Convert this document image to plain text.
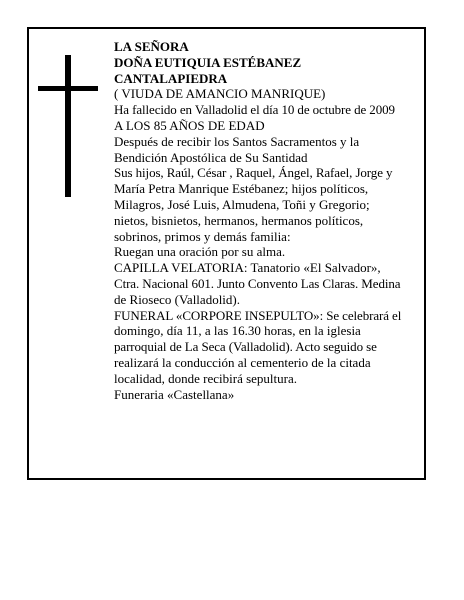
LA SEÑORA
DOÑA EUTIQUIA ESTÉBANEZ
CANTALAPIEDRA
( VIUDA DE AMANCIO MANRIQUE)
Ha fallecido en Valladolid el día 10 de octubre de 2009
A LOS 85 AÑOS DE EDAD
Después de recibir los Santos Sacramentos y la
Bendición Apostólica de Su Santidad
Sus hijos, Raúl, César , Raquel, Ángel, Rafael, Jorge y
María Petra Manrique Estébanez; hijos políticos,
Milagros, José Luis, Almudena, Toñi y Gregorio;
nietos, bisnietos, hermanos, hermanos políticos,
sobrinos, primos y demás familia:
Ruegan una oración por su alma.
CAPILLA VELATORIA: Tanatorio «El Salvador»,
Ctra. Nacional 601. Junto Convento Las Claras. Medina
de Rioseco (Valladolid).
FUNERAL «CORPORE INSEPULTO»: Se celebrará el
domingo, día 11, a las 16.30 horas, en la iglesia
parroquial de La Seca (Valladolid). Acto seguido se
realizará la conducción al cementerio de la citada
localidad, donde recibirá sepultura.
Funeraria «Castellana»
